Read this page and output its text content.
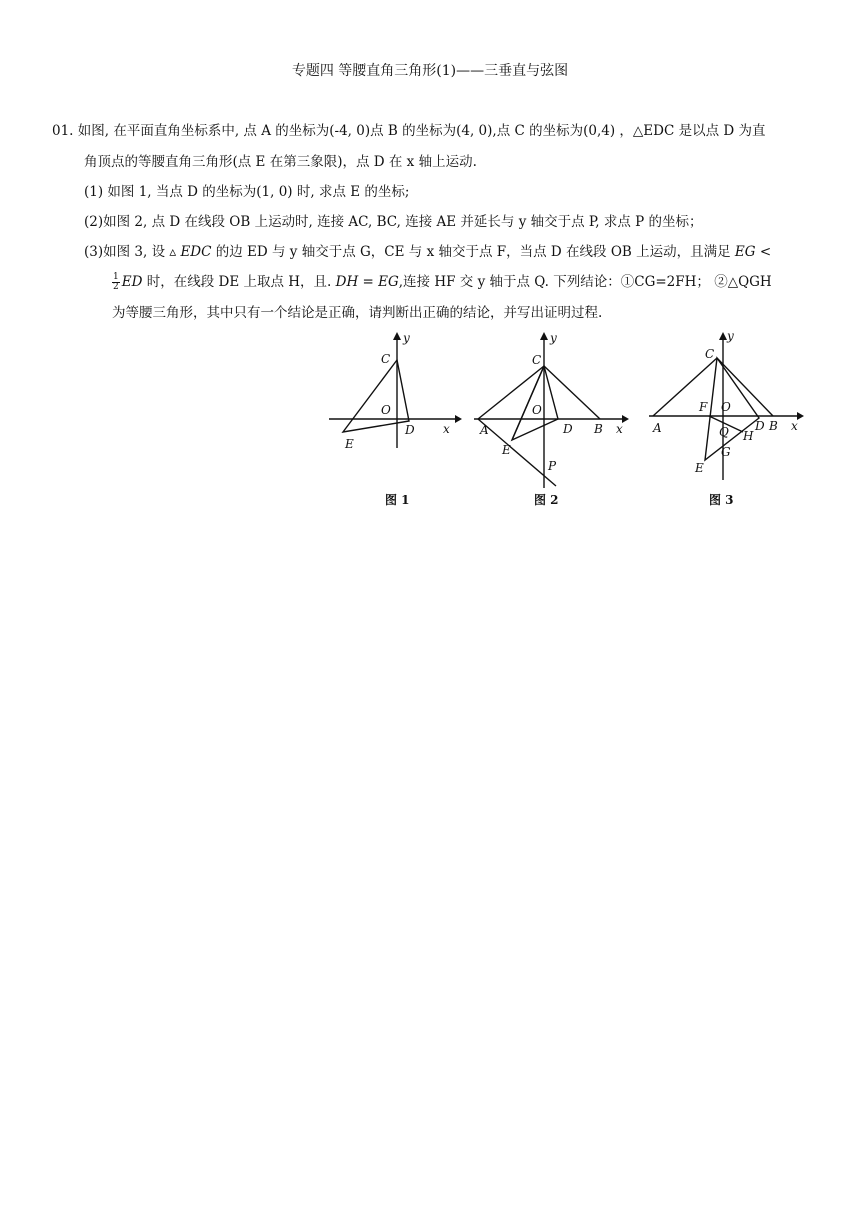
专题四 等腰直角三角形(1)——三垂直与弦图
01. 如图, 在平面直角坐标系中, 点 A 的坐标为(-4, 0)点 B 的坐标为(4, 0),点 C 的坐标为(0,4) ，△EDC 是以点 D 为直
角顶点的等腰直角三角形(点 E 在第三象限)，点 D 在 x 轴上运动.
(1) 如图 1, 当点 D 的坐标为(1, 0) 时, 求点 E 的坐标;
(2)如图 2, 点 D 在线段 OB 上运动时, 连接 AC, BC, 连接 AE 并延长与 y 轴交于点 P, 求点 P 的坐标；
(3)如图 3, 设 ▵ EDC 的边 ED 与 y 轴交于点 G，CE 与 x 轴交于点 F，当点 D 在线段 OB 上运动，且满足 EG <
$\frac{1}{2}$ ED 时，在线段 DE 上取点 H，且. DH = EG,连接 HF 交 y 轴于点 Q. 下列结论：①CG=2FH； ②△QGH
为等腰三角形，其中只有一个结论是正确，请判断出正确的结论，并写出证明过程.
y
C
O
x
E
D
图 1
y
C
O
A	D B x
E
P
图 2
y
C
F O
A	Q D B x
H
G
E
图 3
